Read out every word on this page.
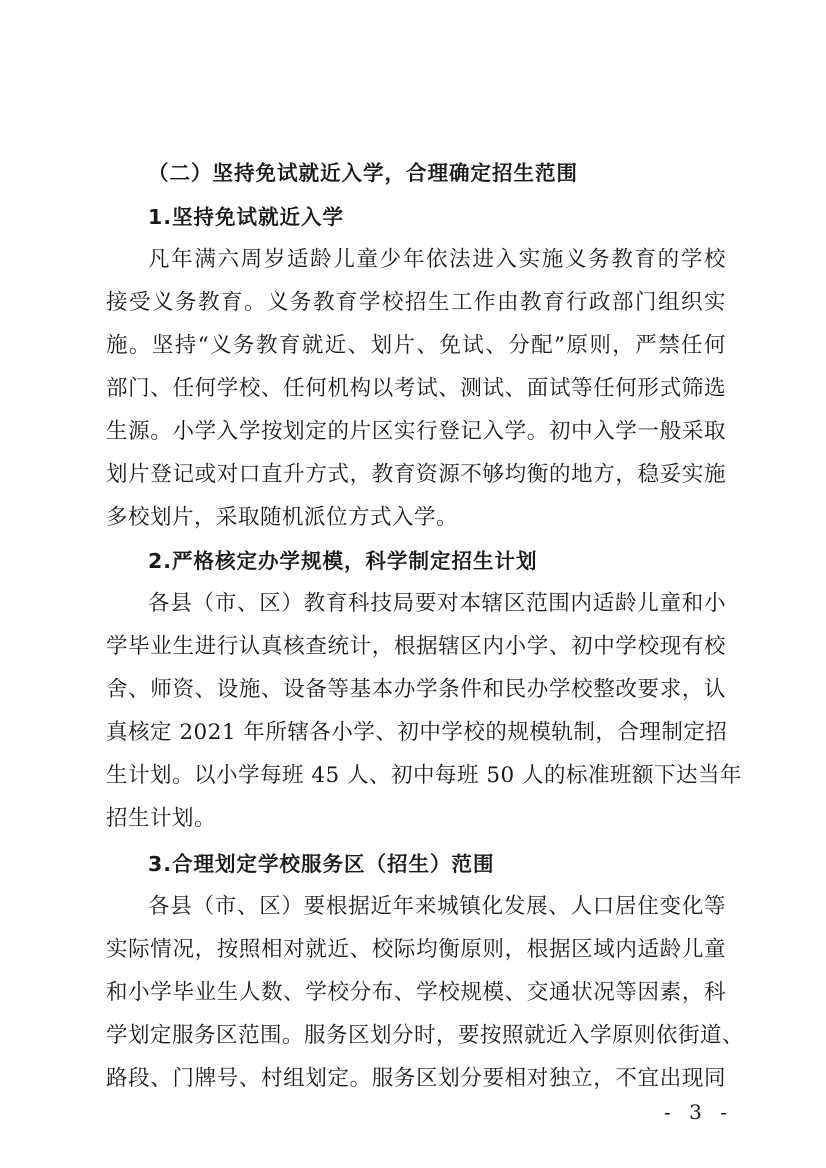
（二）坚持免试就近入学，合理确定招生范围
1.坚持免试就近入学
凡年满六周岁适龄儿童少年依法进入实施义务教育的学校
接受义务教育。义务教育学校招生工作由教育行政部门组织实
施。坚持“义务教育就近、划片、免试、分配”原则，严禁任何
部门、任何学校、任何机构以考试、测试、面试等任何形式筛选
生源。小学入学按划定的片区实行登记入学。初中入学一般采取
划片登记或对口直升方式，教育资源不够均衡的地方，稳妥实施
多校划片，采取随机派位方式入学。
2.严格核定办学规模，科学制定招生计划
各县（市、区）教育科技局要对本辖区范围内适龄儿童和小
学毕业生进行认真核查统计，根据辖区内小学、初中学校现有校
舍、师资、设施、设备等基本办学条件和民办学校整改要求，认
真核定 2021 年所辖各小学、初中学校的规模轨制，合理制定招
生计划。以小学每班 45 人、初中每班 50 人的标准班额下达当年
招生计划。
3.合理划定学校服务区（招生）范围
各县（市、区）要根据近年来城镇化发展、人口居住变化等
实际情况，按照相对就近、校际均衡原则，根据区域内适龄儿童
和小学毕业生人数、学校分布、学校规模、交通状况等因素，科
学划定服务区范围。服务区划分时，要按照就近入学原则依街道、
路段、门牌号、村组划定。服务区划分要相对独立，不宜出现同
- 3 -
